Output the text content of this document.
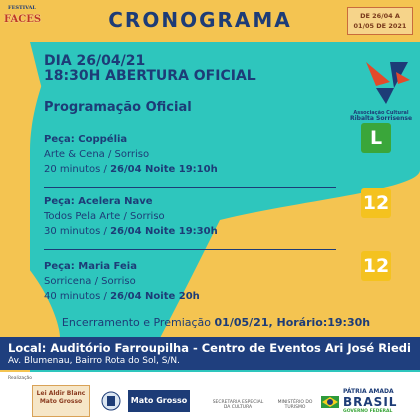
FESTIVAL
FACES	CRONOGRAMA	DE 26/04 A
01/05 DE 2021
DIA 26/04/21
18:30H ABERTURA OFICIAL
Associação Cultural
Ribalta Sorrisense
Programação Oficial
Peça: Coppélia
Arte & Cena / Sorriso
20 minutos / 26/04 Noite 19:10h
L
Peça: Acelera Nave
Todos Pela Arte / Sorriso
30 minutos / 26/04 Noite 19:30h
12
Peça: Maria Feia
Sorricena / Sorriso
40 minutos / 26/04 Noite 20h
12
Encerramento e Premiação 01/05/21, Horário:19:30h
Local: Auditório Farroupilha - Centro de Eventos Ari José Riedi
Av. Blumenau, Bairro Rota do Sol, S/N.
Realização
Lei Aldir Blanc Mato Grosso	Mato Grosso	SECRETARIA ESPECIAL DA CULTURA
MINISTÉRIO DO TURISMO
PÁTRIA AMADA
BRASIL
GOVERNO FEDERAL
